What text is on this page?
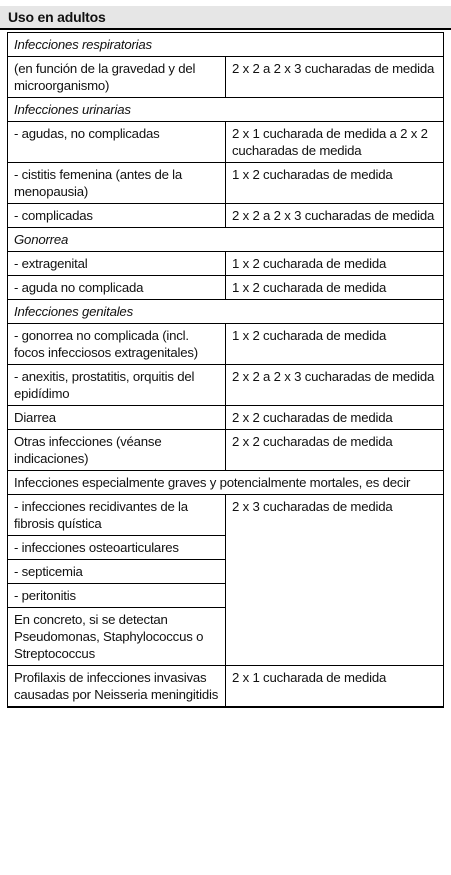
Uso en adultos
Infecciones respiratorias	
(en función de la gravedad y del microorganismo)	2 x 2 a 2 x 3 cucharadas de medida
Infecciones urinarias	
- agudas, no complicadas	2 x 1 cucharada de medida a 2 x 2 cucharadas de medida
- cistitis femenina (antes de la menopausia)	1 x 2 cucharadas de medida
- complicadas	2 x 2 a 2 x 3 cucharadas de medida
Gonorrea	
- extragenital	1 x 2 cucharada de medida
- aguda no complicada	1 x 2 cucharada de medida
Infecciones genitales	
- gonorrea no complicada (incl. focos infecciosos extragenitales)	1 x 2 cucharada de medida
- anexitis, prostatitis, orquitis del epidídimo	2 x 2 a 2 x 3 cucharadas de medida
Diarrea	2 x 2 cucharadas de medida
Otras infecciones (véanse indicaciones)	2 x 2 cucharadas de medida
Infecciones especialmente graves y potencialmente mortales, es decir	
- infecciones recidivantes de la fibrosis quística	2 x 3 cucharadas de medida
- infecciones osteoarticulares	
- septicemia	
- peritonitis	
En concreto, si se detectan Pseudomonas, Staphylococcus o Streptococcus	
Profilaxis de infecciones invasivas causadas por Neisseria meningitidis	2 x 1 cucharada de medida
